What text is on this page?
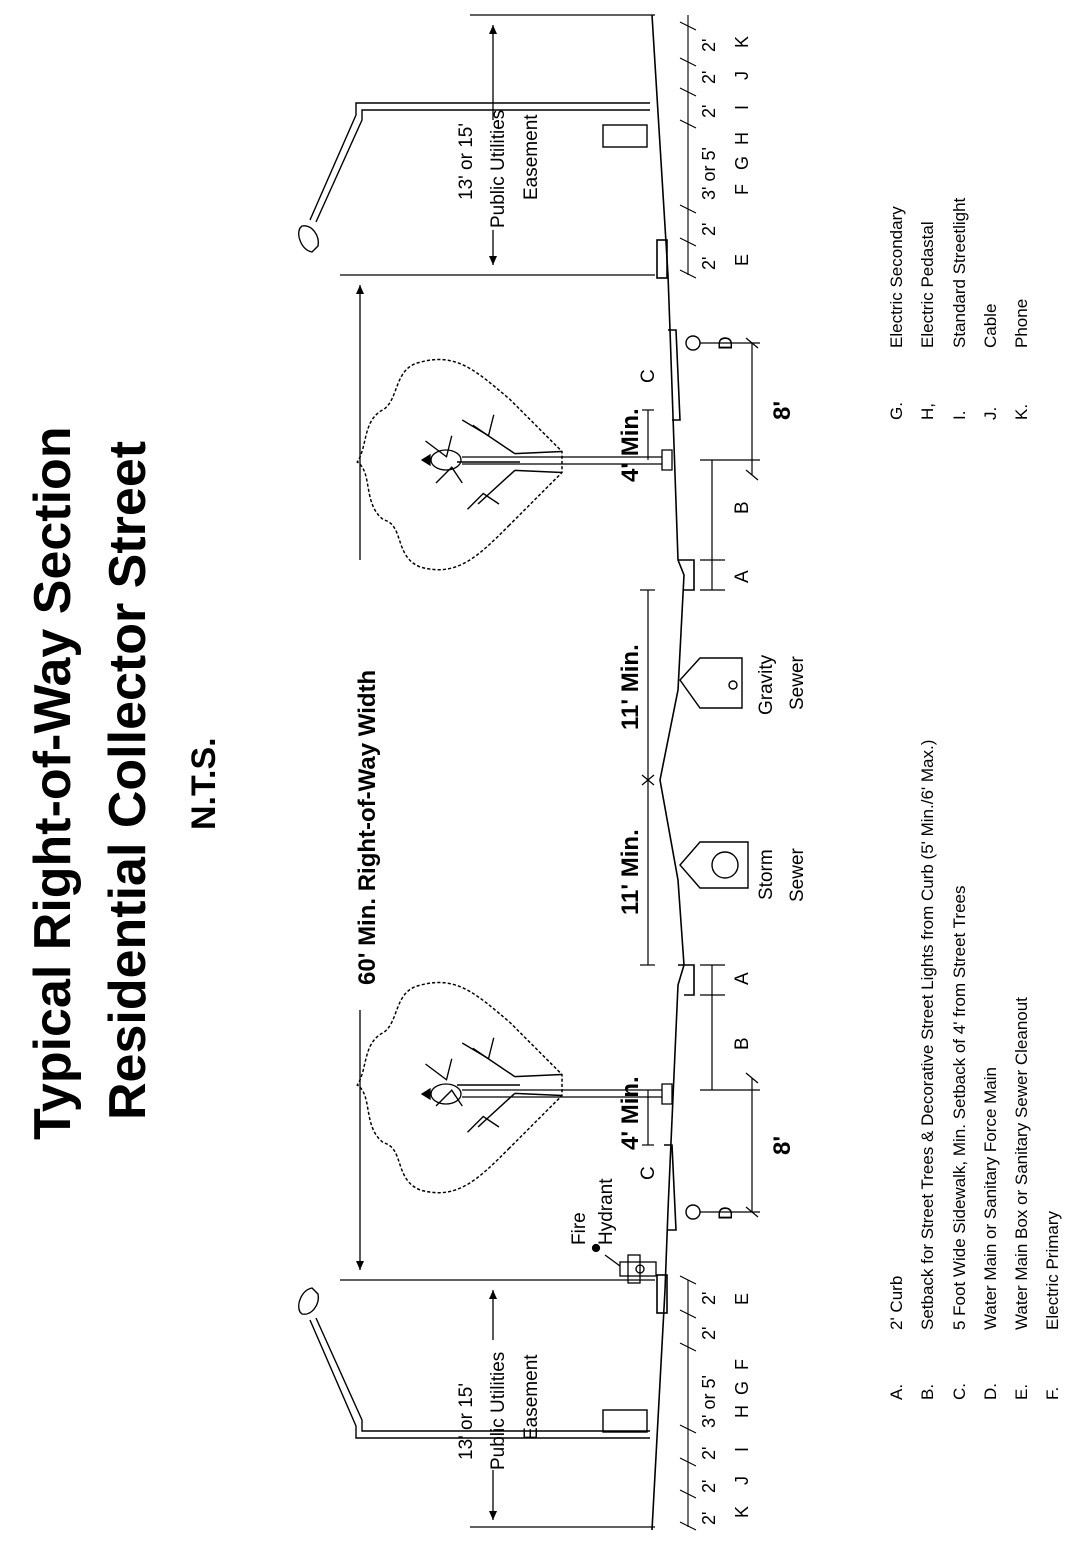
Typical Right-of-Way Section Residential Collector Street N.T.S.	60' Min. Right-of-Way Width
13' or 15' Public Utilities Easement
13' or 15' Public Utilities Easement
Gravity Sewer
Storm Sewer
Fire Hydrant
11' Min.
11' Min.
4' Min.
4' Min.
A
B
C
D
8'
A
B
C
D
8'
2'
2'
3' or 5'
2'
2'
2'
E
F
G
H
I
J
K
2'
2'
2'
3' or 5'
2'
2'
K
J
I
H
G
F
E
A.
2' Curb
B.
Setback for Street Trees & Decorative Street Lights from Curb (5' Min./6' Max.)
C.
5 Foot Wide Sidewalk, Min. Setback of 4' from Street Trees
D.
Water Main or Sanitary Force Main
E.
Water Main Box or Sanitary Sewer Cleanout
F.
Electric Primary
G.
Electric Secondary
H,
Electric Pedastal
I.
Standard Streetlight
J.
Cable
K.
Phone
